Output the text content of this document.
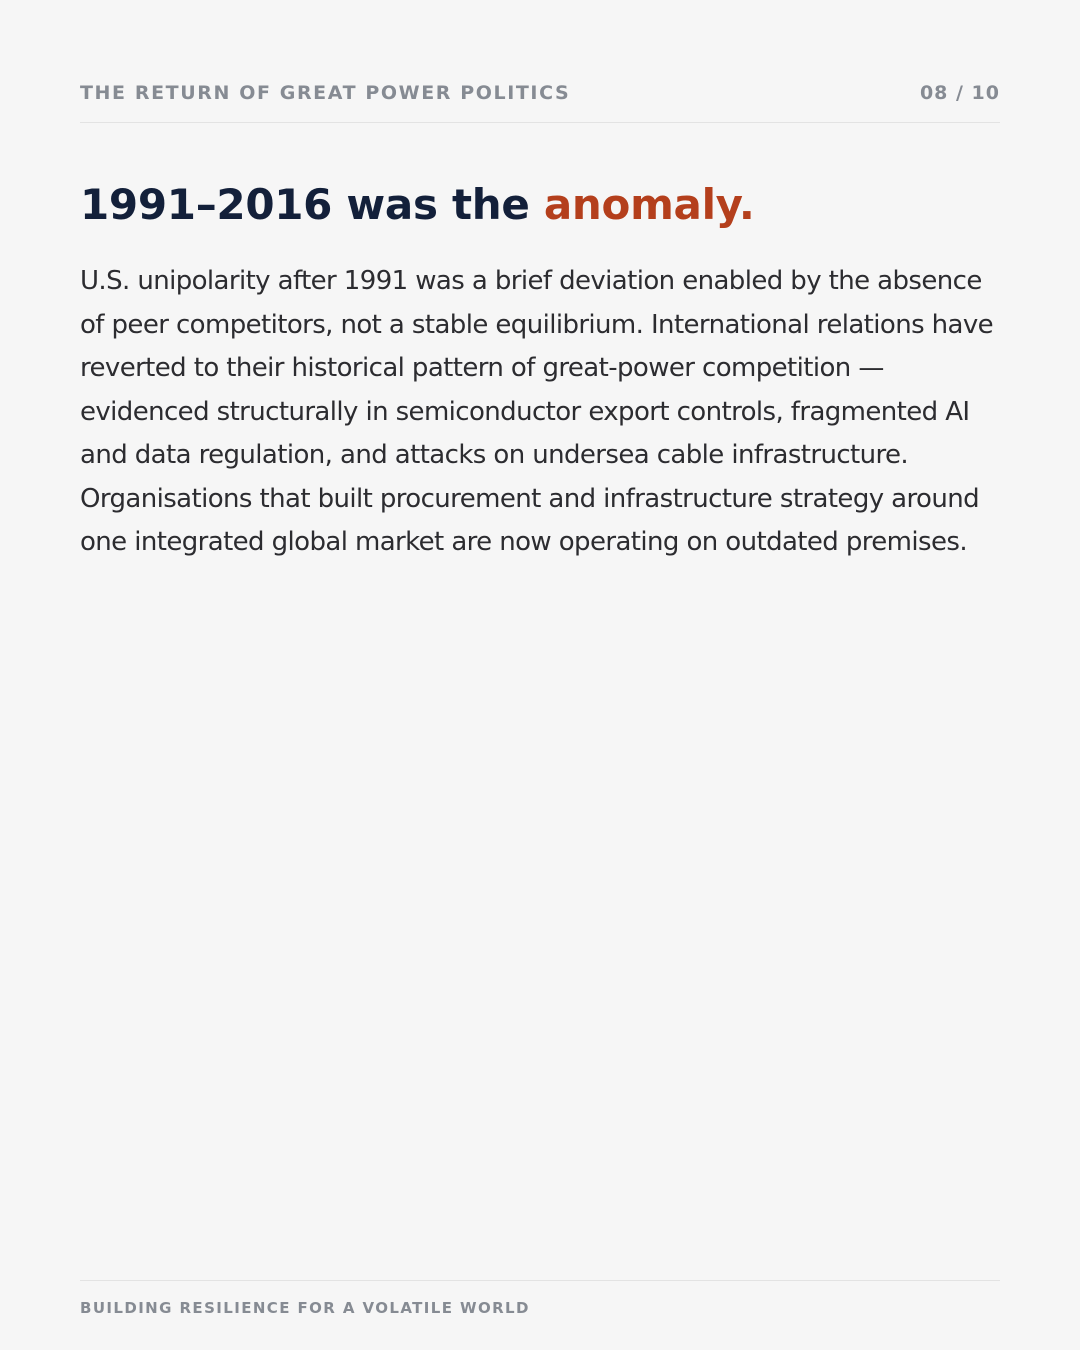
THE RETURN OF GREAT POWER POLITICS	08 / 10
1991–2016 was the anomaly.

U.S. unipolarity after 1991 was a brief deviation enabled by the absence of peer competitors, not a stable equilibrium. International relations have reverted to their historical pattern of great-power competition — evidenced structurally in semiconductor export controls, fragmented AI and data regulation, and attacks on undersea cable infrastructure. Organisations that built procurement and infrastructure strategy around one integrated global market are now operating on outdated premises.

BUILDING RESILIENCE FOR A VOLATILE WORLD
